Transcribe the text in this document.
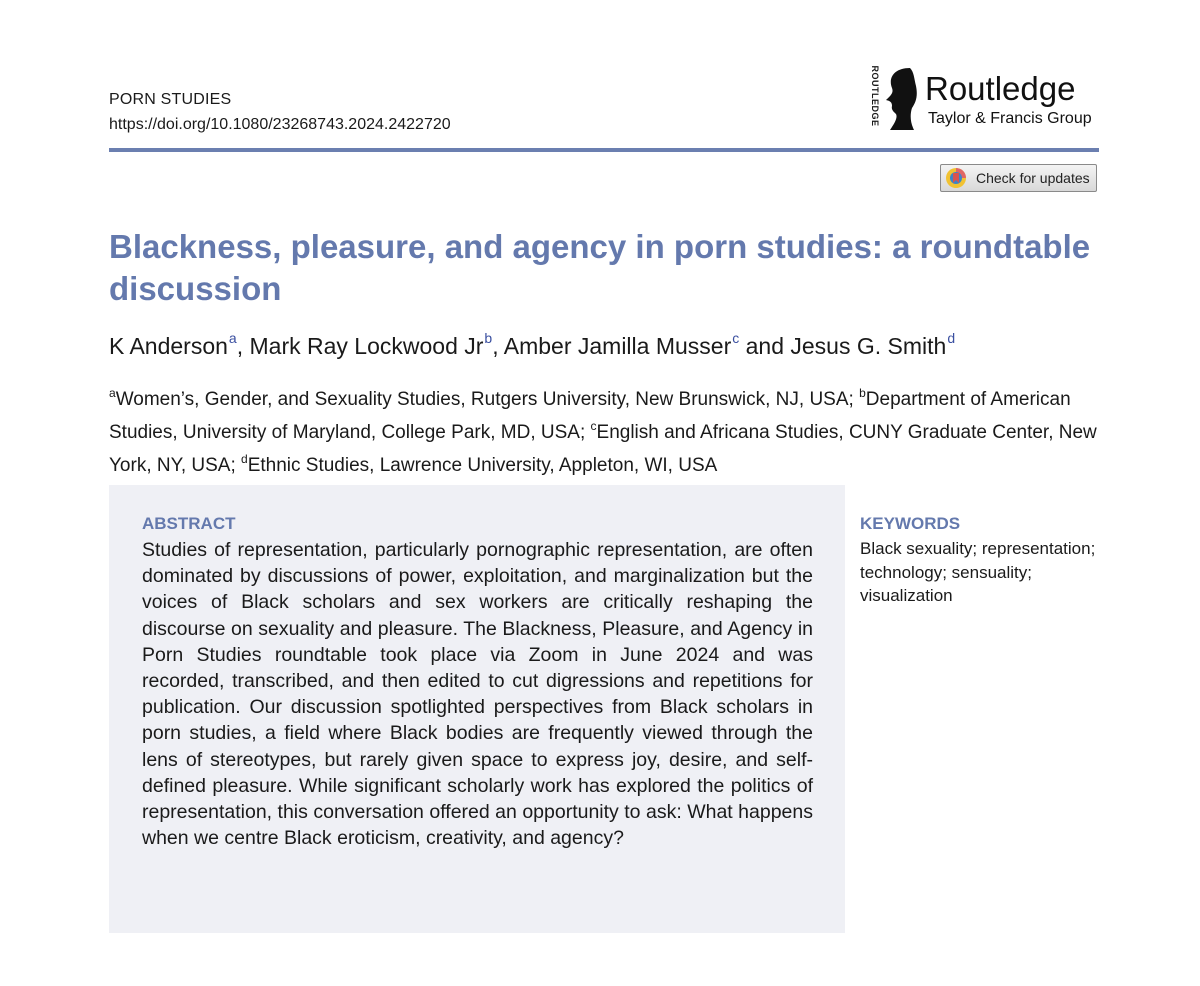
PORN STUDIES
https://doi.org/10.1080/23268743.2024.2422720	ROUTLEDGE Routledge
Taylor & Francis Group
Check for updates
Blackness, pleasure, and agency in porn studies: a roundtable discussion
K Anderson$^a$, Mark Ray Lockwood Jr$^b$, Amber Jamilla Musser$^c$ and Jesus G. Smith$^d$
$^a$Women’s, Gender, and Sexuality Studies, Rutgers University, New Brunswick, NJ, USA; $^b$Department of American Studies, University of Maryland, College Park, MD, USA; $^c$English and Africana Studies, CUNY Graduate Center, New York, NY, USA; $^d$Ethnic Studies, Lawrence University, Appleton, WI, USA
ABSTRACT
Studies of representation, particularly pornographic representation, are often dominated by discussions of power, exploitation, and marginalization but the voices of Black scholars and sex workers are critically reshaping the discourse on sexuality and pleasure. The Blackness, Pleasure, and Agency in Porn Studies roundtable took place via Zoom in June 2024 and was recorded, transcribed, and then edited to cut digressions and repetitions for publication. Our discussion spotlighted perspectives from Black scholars in porn studies, a field where Black bodies are frequently viewed through the lens of stereotypes, but rarely given space to express joy, desire, and self-defined pleasure. While significant scholarly work has explored the politics of representation, this conversation offered an opportunity to ask: What happens when we centre Black eroticism, creativity, and agency?
KEYWORDS
Black sexuality; representation; technology; sensuality; visualization
